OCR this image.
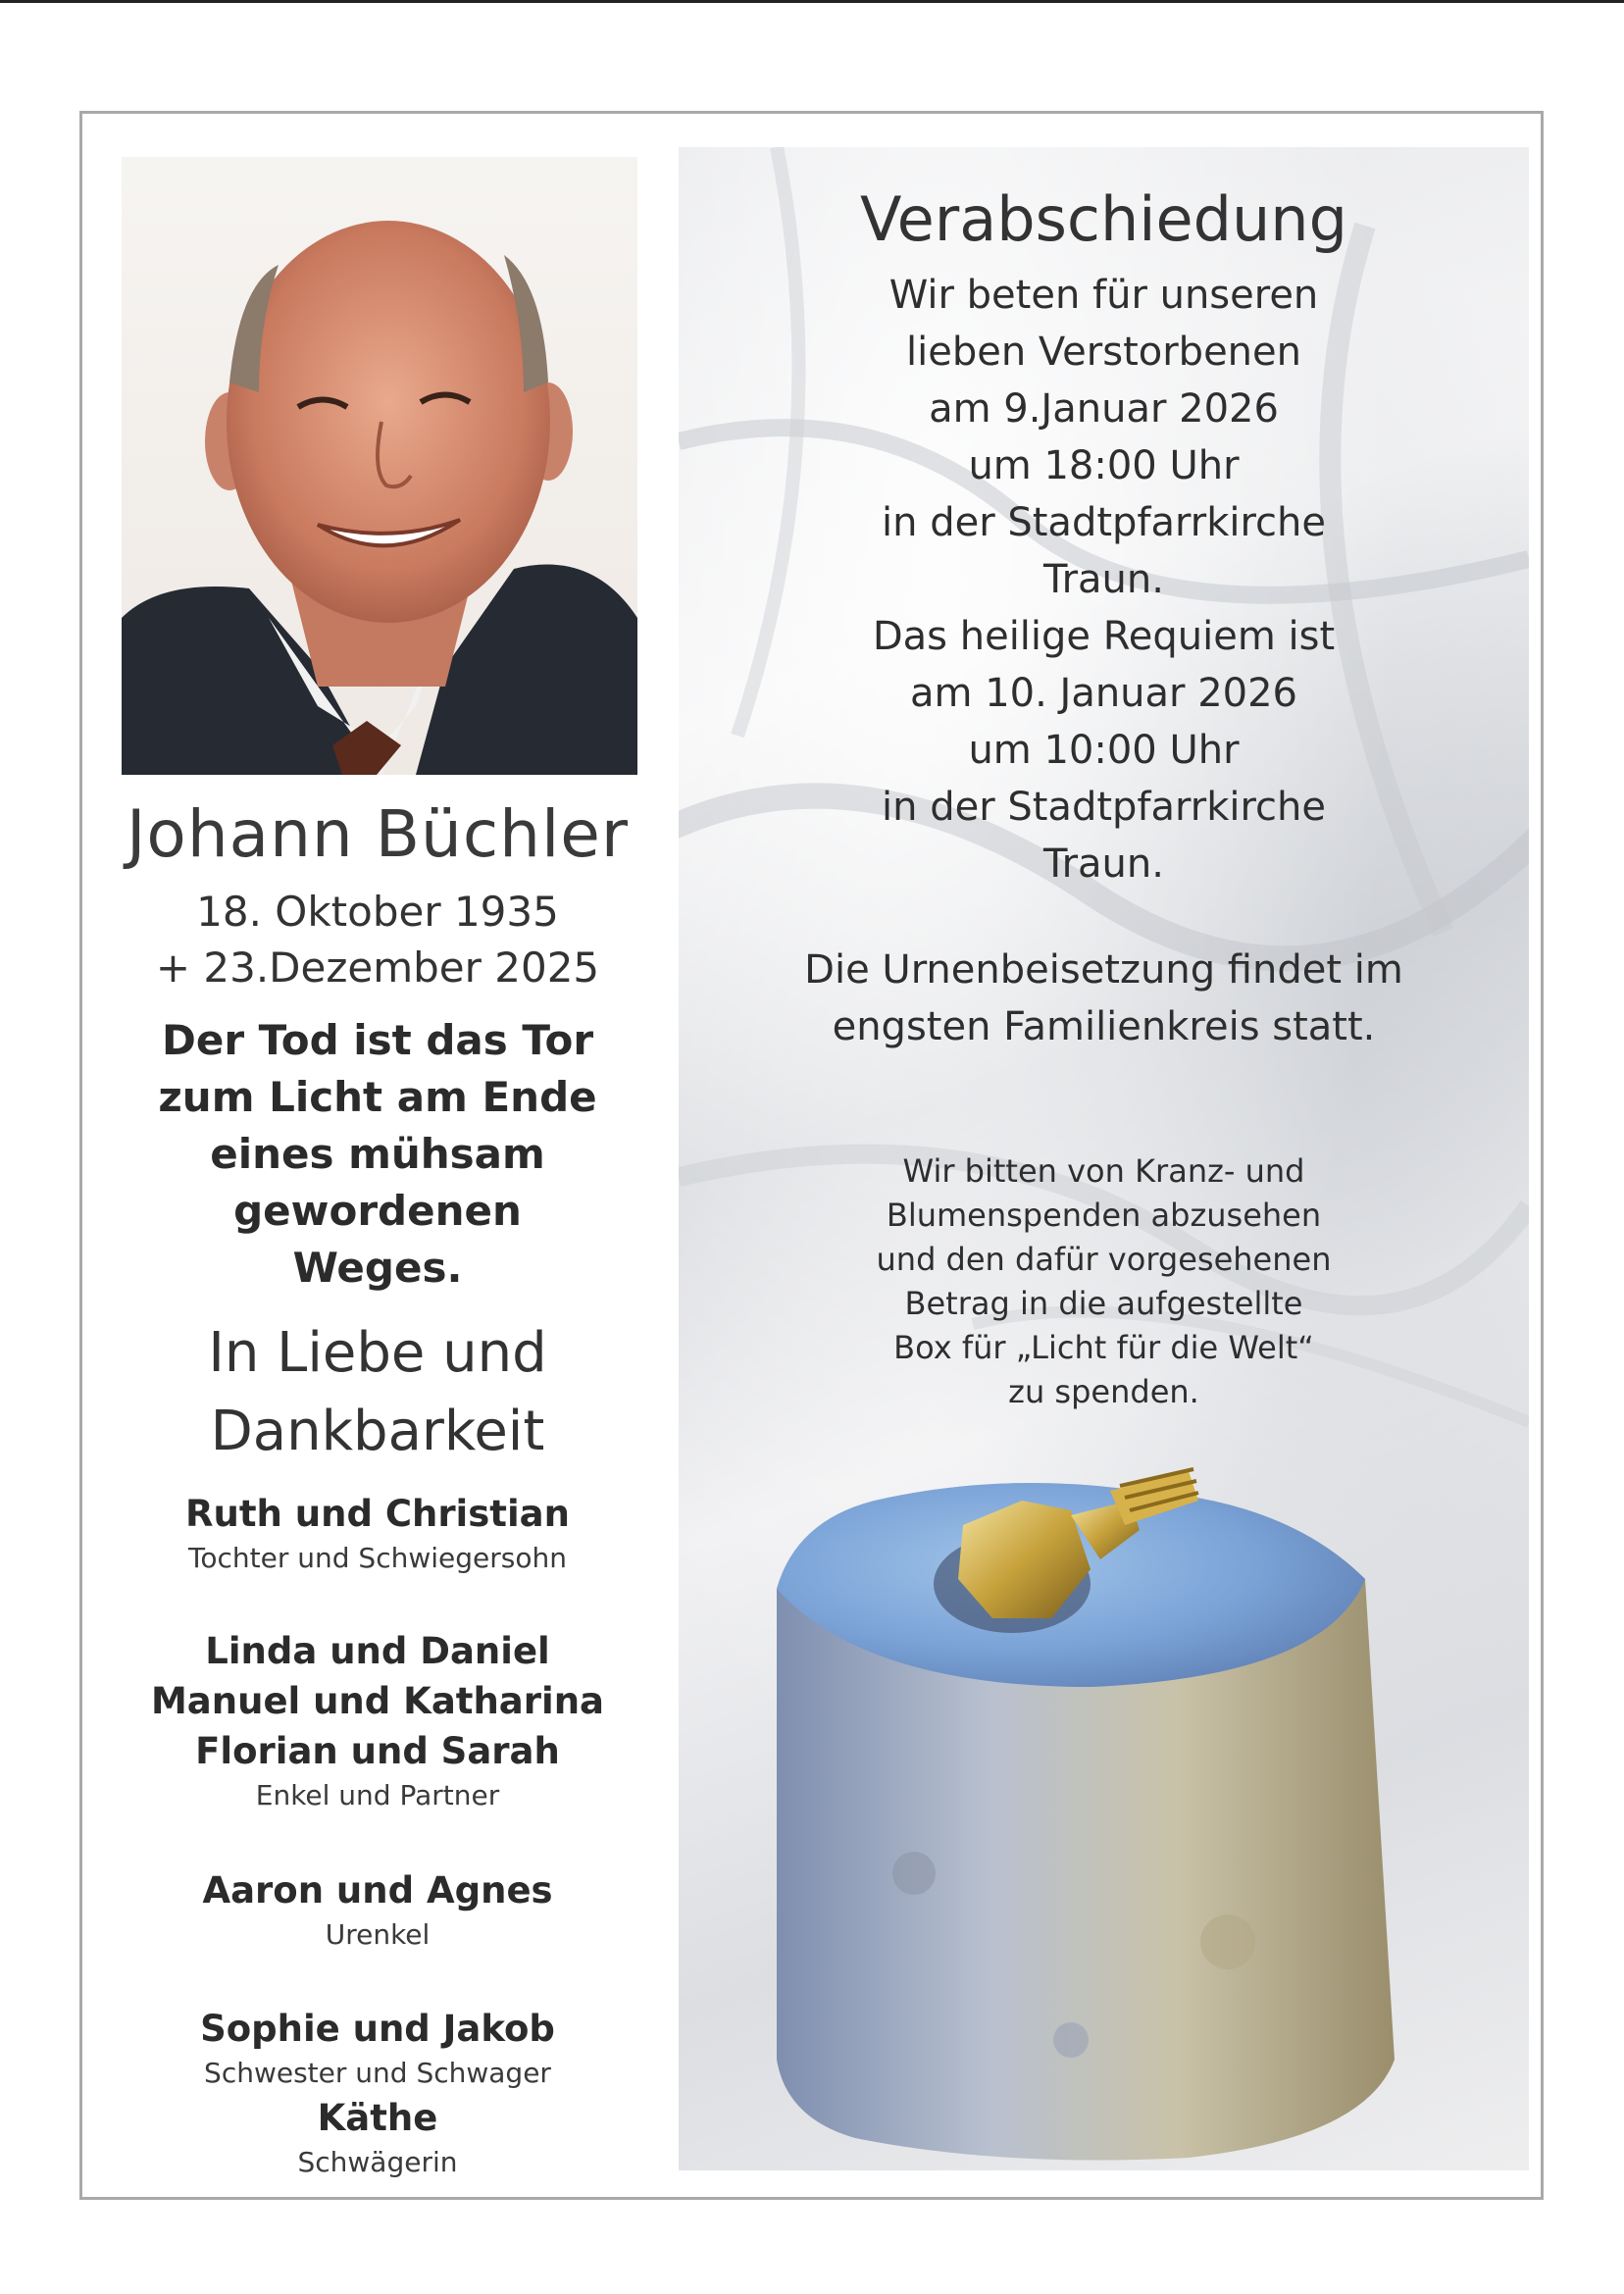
Johann Büchler
18. Oktober 1935
+ 23.Dezember 2025
Der Tod ist das Tor
zum Licht am Ende
eines mühsam
gewordenen
Weges.
In Liebe und
Dankbarkeit
Ruth und Christian
Tochter und Schwiegersohn
Linda und Daniel
Manuel und Katharina
Florian und Sarah
Enkel und Partner
Aaron und Agnes
Urenkel
Sophie und Jakob
Schwester und Schwager
Käthe
Schwägerin
Verabschiedung
Wir beten für unseren
lieben Verstorbenen
am 9.Januar 2026
um 18:00 Uhr
in der Stadtpfarrkirche
Traun.
Das heilige Requiem ist
am 10. Januar 2026
um 10:00 Uhr
in der Stadtpfarrkirche
Traun.
Die Urnenbeisetzung findet im
engsten Familienkreis statt.
Wir bitten von Kranz- und
Blumenspenden abzusehen
und den dafür vorgesehenen
Betrag in die aufgestellte
Box für „Licht für die Welt“
zu spenden.
